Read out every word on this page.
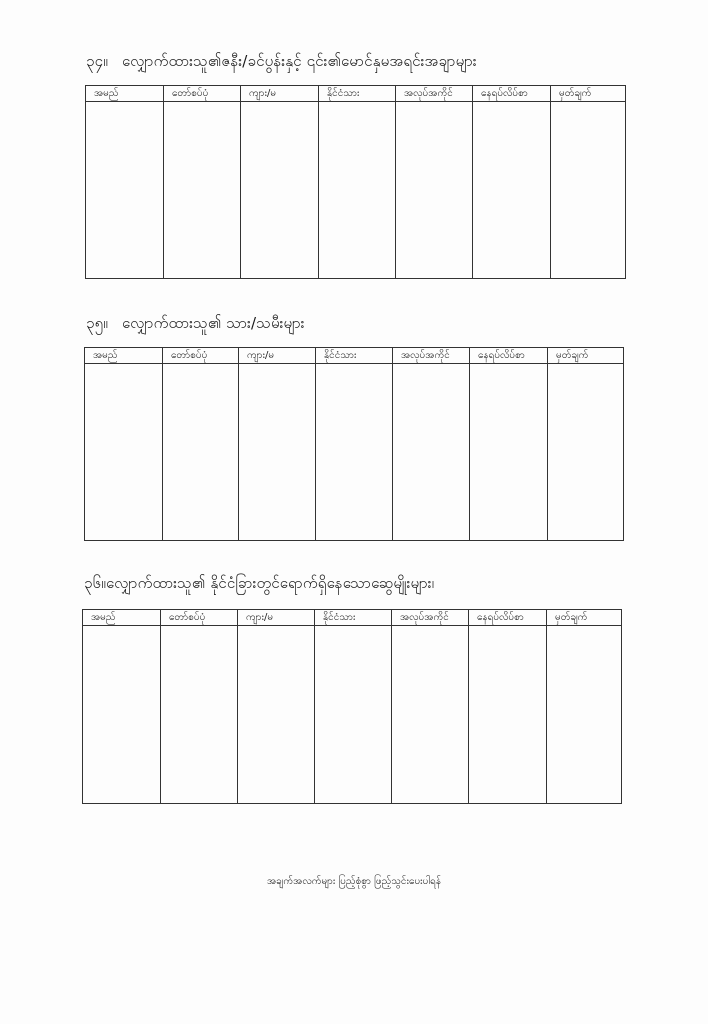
၃၄။ လျှောက်ထားသူ၏ဇနီး/ခင်ပွန်းနှင့် ၎င်း၏မောင်နှမအရင်းအချာများ
အမည်	တော်စပ်ပုံ	ကျား/မ	နိုင်ငံသား	အလုပ်အကိုင်	နေရပ်လိပ်စာ	မှတ်ချက်

၃၅။ လျှောက်ထားသူ၏ သား/သမီးများ
အမည်	တော်စပ်ပုံ	ကျား/မ	နိုင်ငံသား	အလုပ်အကိုင်	နေရပ်လိပ်စာ	မှတ်ချက်

၃၆။လျှောက်ထားသူ၏ နိုင်ငံခြားတွင်ရောက်ရှိနေသောဆွေမျိုးများ၊
အမည်	တော်စပ်ပုံ	ကျား/မ	နိုင်ငံသား	အလုပ်အကိုင်	နေရပ်လိပ်စာ	မှတ်ချက်

အချက်အလက်များ ပြည့်စုံစွာ ဖြည့်သွင်းပေးပါရန်
